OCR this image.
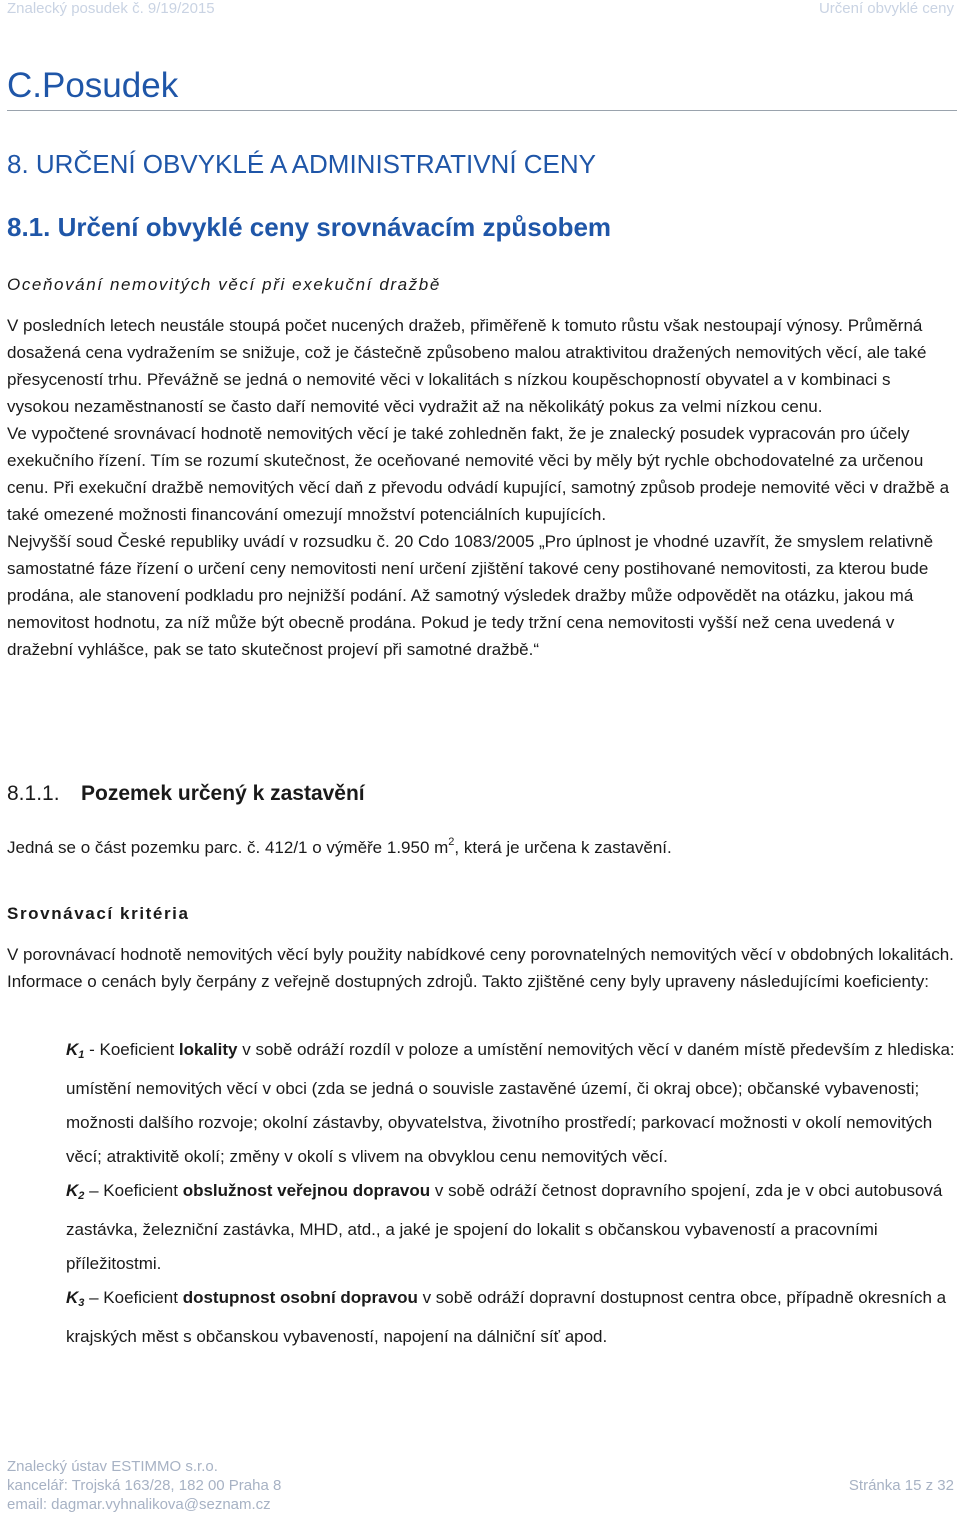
Znalecký posudek č. 9/19/2015	Určení obvyklé ceny
C.Posudek
8. URČENÍ OBVYKLÉ A ADMINISTRATIVNÍ CENY
8.1. Určení obvyklé ceny srovnávacím způsobem
Oceňování nemovitých věcí při exekuční dražbě
V posledních letech neustále stoupá počet nucených dražeb, přiměřeně k tomuto růstu však nestoupají výnosy. Průměrná dosažená cena vydražením se snižuje, což je částečně způsobeno malou atraktivitou dražených nemovitých věcí, ale také přesyceností trhu. Převážně se jedná o nemovité věci v lokalitách s nízkou koupěschopností obyvatel a v kombinaci s vysokou nezaměstnaností se často daří nemovité věci vydražit až na několikátý pokus za velmi nízkou cenu.
Ve vypočtené srovnávací hodnotě nemovitých věcí je také zohledněn fakt, že je znalecký posudek vypracován pro účely exekučního řízení. Tím se rozumí skutečnost, že oceňované nemovité věci by měly být rychle obchodovatelné za určenou cenu. Při exekuční dražbě nemovitých věcí daň z převodu odvádí kupující, samotný způsob prodeje nemovité věci v dražbě a také omezené možnosti financování omezují množství potenciálních kupujících.
Nejvyšší soud České republiky uvádí v rozsudku č. 20 Cdo 1083/2005 „Pro úplnost je vhodné uzavřít, že smyslem relativně samostatné fáze řízení o určení ceny nemovitosti není určení zjištění takové ceny postihované nemovitosti, za kterou bude prodána, ale stanovení podkladu pro nejnižší podání. Až samotný výsledek dražby může odpovědět na otázku, jakou má nemovitost hodnotu, za níž může být obecně prodána. Pokud je tedy tržní cena nemovitosti vyšší než cena uvedená v dražební vyhlášce, pak se tato skutečnost projeví při samotné dražbě.“
8.1.1. Pozemek určený k zastavění
Jedná se o část pozemku parc. č. 412/1 o výměře 1.950 $m^2$, která je určena k zastavění.
Srovnávací kritéria
V porovnávací hodnotě nemovitých věcí byly použity nabídkové ceny porovnatelných nemovitých věcí v obdobných lokalitách. Informace o cenách byly čerpány z veřejně dostupných zdrojů. Takto zjištěné ceny byly upraveny následujícími koeficienty:
$K_1$ - Koeficient lokality v sobě odráží rozdíl v poloze a umístění nemovitých věcí v daném místě především z hlediska: umístění nemovitých věcí v obci (zda se jedná o souvisle zastavěné území, či okraj obce); občanské vybavenosti; možnosti dalšího rozvoje; okolní zástavby, obyvatelstva, životního prostředí; parkovací možnosti v okolí nemovitých věcí; atraktivitě okolí; změny v okolí s vlivem na obvyklou cenu nemovitých věcí.
$K_2$ – Koeficient obslužnost veřejnou dopravou v sobě odráží četnost dopravního spojení, zda je v obci autobusová zastávka, železniční zastávka, MHD, atd., a jaké je spojení do lokalit s občanskou vybaveností a pracovními příležitostmi.
$K_3$ – Koeficient dostupnost osobní dopravou v sobě odráží dopravní dostupnost centra obce, případně okresních a krajských měst s občanskou vybaveností, napojení na dálniční síť apod.
Znalecký ústav ESTIMMO s.r.o.
kancelář: Trojská 163/28, 182 00 Praha 8
email: dagmar.vyhnalikova@seznam.cz
Stránka 15 z 32
